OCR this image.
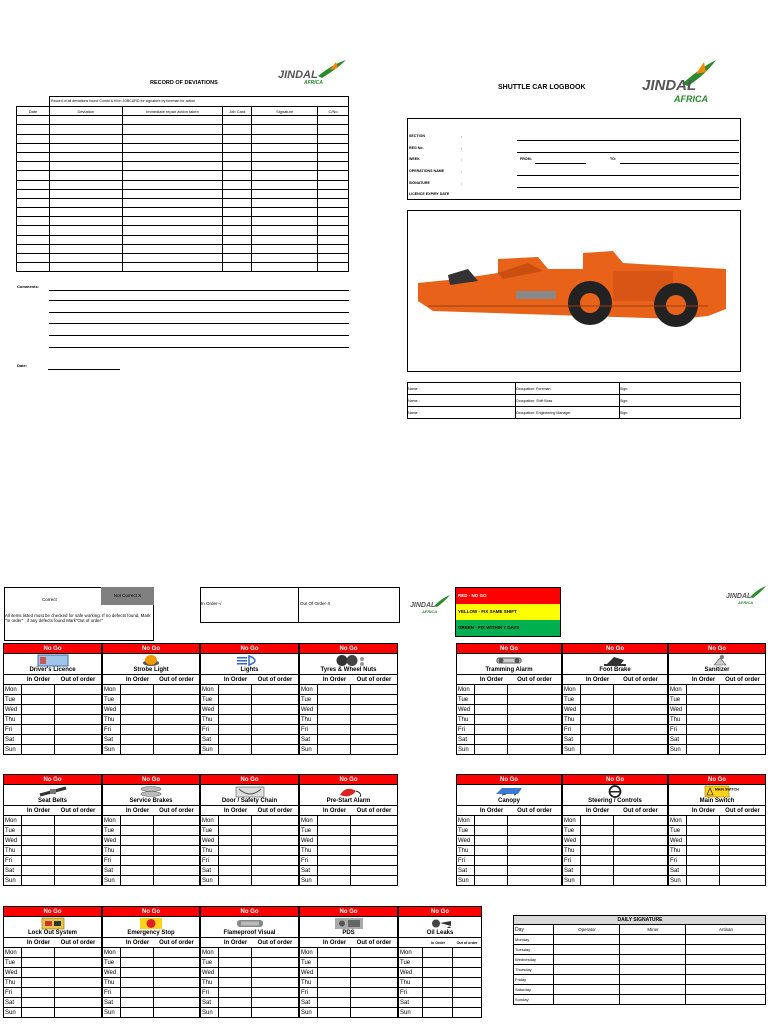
RECORD OF DEVIATIONS
JINDAL
AFRICA
Record of all deviations found Combi & fill in JOBCARD for signature by foreman for action
Date	Deviation	Immediate repair action taken	Job Card	Signature	C/No

Comments:
Date:
SHUTTLE CAR LOGBOOK	JINDAL
AFRICA
SECTION
REG No.
WEEK
OPERATIONS NAME
SIGNATURE
LICENCE EXPIRY DATE
:
:
:
:
:
FROM:	TO:
Name :	Occupation: Foreman	Sign:
Name :	Occupation: Shift Boss	Sign:
Name :	Occupation: Engineering Manager	Sign:
Correct
Not Correct X
All items listed must be checked for safe working. If no defects found, Mark "In order" , if any defects found Mark"Out of order"
In Order-√	Out Of Order-X	JINDAL
AFRICA
RED - NO GO
YELLOW - FIX SAME SHIFT
GREEN - FIX WITHIN 7 DAYS
JINDAL
AFRICA
No Go
Driver's Licence
In Order	Out of order
Mon
Tue
Wed
Thu
Fri
Sat
Sun
No Go
Strobe Light
In Order	Out of order
Mon
Tue
Wed
Thu
Fri
Sat
Sun
No Go
Lights
In Order	Out of order
Mon
Tue
Wed
Thu
Fri
Sat
Sun
No Go
Tyres & Wheel Nuts
In Order	Out of order
Mon
Tue
Wed
Thu
Fri
Sat
Sun
No Go
Tramming Alarm
In Order	Out of order
Mon
Tue
Wed
Thu
Fri
Sat
Sun
No Go
Foot Brake
In Order	Out of order
Mon
Tue
Wed
Thu
Fri
Sat
Sun
No Go
Sanitizer
In Order	Out of order
Mon
Tue
Wed
Thu
Fri
Sat
Sun
No Go
Seat Belts
In Order	Out of order
Mon
Tue
Wed
Thu
Fri
Sat
Sun
No Go
Service Brakes
In Order	Out of order
Mon
Tue
Wed
Thu
Fri
Sat
Sun
No Go
Door / Safety Chain
In Order	Out of order
Mon
Tue
Wed
Thu
Fri
Sat
Sun
No Go
Pre-Start Alarm
In Order	Out of order
Mon
Tue
Wed
Thu
Fri
Sat
Sun
No Go
Canopy
In Order	Out of order
Mon
Tue
Wed
Thu
Fri
Sat
Sun
No Go
Steering / Controls
In Order	Out of order
Mon
Tue
Wed
Thu
Fri
Sat
Sun
No Go
MAIN SWITCH
Main Switch
In Order	Out of order
Mon
Tue
Wed
Thu
Fri
Sat
Sun
No Go
Lock Out System
In Order	Out of order
Mon
Tue
Wed
Thu
Fri
Sat
Sun
No Go
Emergency Stop
In Order	Out of order
Mon
Tue
Wed
Thu
Fri
Sat
Sun
No Go
Flameproof Visual
In Order	Out of order
Mon
Tue
Wed
Thu
Fri
Sat
Sun
No Go
PDS
In Order	Out of order
Mon
Tue
Wed
Thu
Fri
Sat
Sun
No Go
Oil Leaks
In Order	Out of order
Mon
Tue
Wed
Thu
Fri
Sat
Sun
DAILY SIGNATURE			
Day	Operator	Miner	Artisan
Monday			
Tuesday			
Wednesday			
Thursday			
Friday			
Saturday			
Sunday			
